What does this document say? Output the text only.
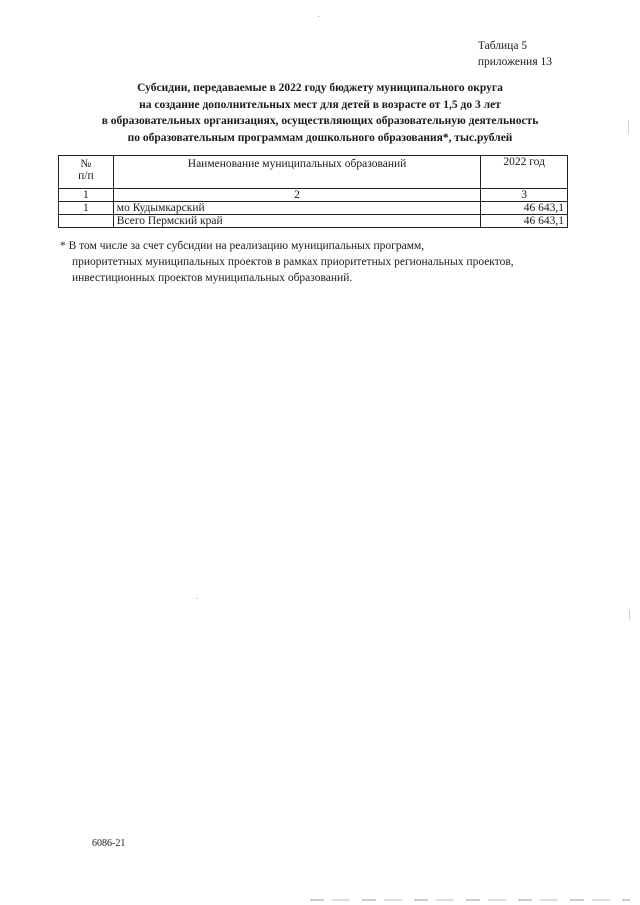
Таблица 5
приложения 13
Субсидии, передаваемые в 2022 году бюджету муниципального округа
на создание дополнительных мест для детей в возрасте от 1,5 до 3 лет
в образовательных организациях, осуществляющих образовательную деятельность
по образовательным программам дошкольного образования*, тыс.рублей
№
п/п	Наименование муниципальных образований	2022 год
1	2	3
1	мо Кудымкарский	46 643,1
	Всего Пермский край	46 643,1
* В том числе за счет субсидии на реализацию муниципальных программ,
приоритетных муниципальных проектов в рамках приоритетных региональных проектов,
инвестиционных проектов муниципальных образований.
6086-21
